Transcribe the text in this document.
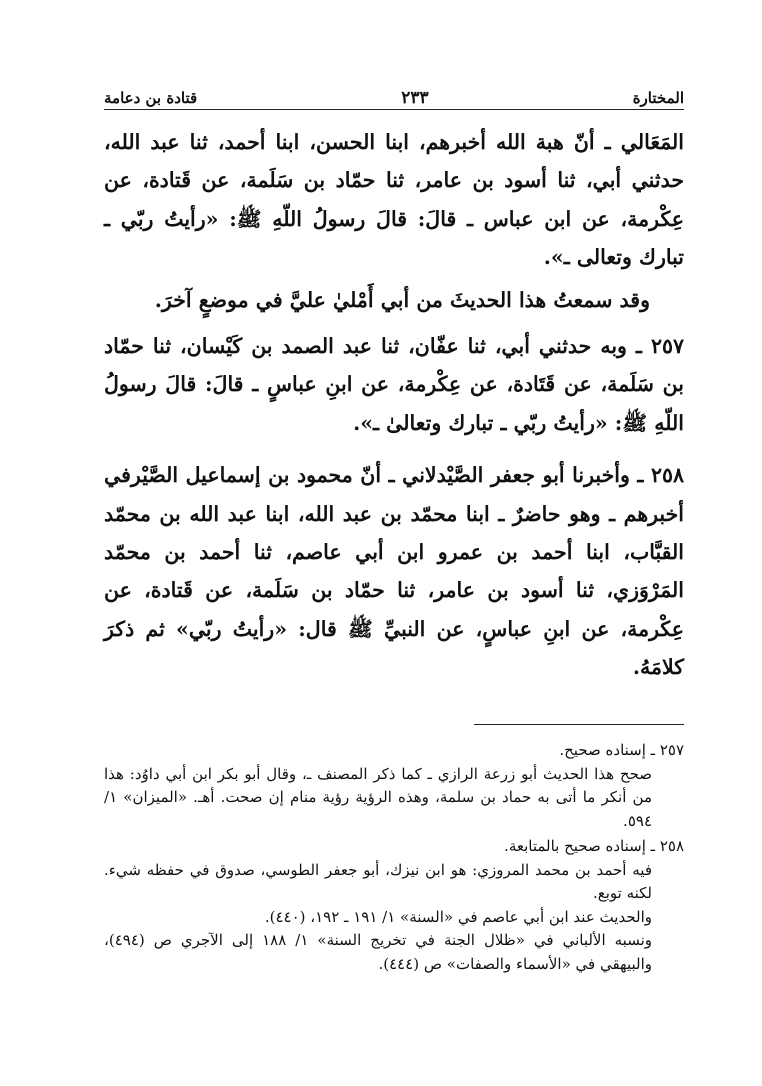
المختارة
٢٣٣
قتادة بن دعامة

المَعَالي ـ أنّ هبة الله أخبرهم، ابنا الحسن، ابنا أحمد، ثنا عبد الله، حدثني أبي، ثنا أسود بن عامر، ثنا حمّاد بن سَلَمة، عن قَتادة، عن عِكْرمة، عن ابن عباس ـ قالَ: قالَ رسولُ اللّهِ ﷺ: «رأيتُ ربّي ـ تبارك وتعالى ـ».

وقد سمعتُ هذا الحديثَ من أبي أَمْليٰ عليَّ في موضعٍ آخرَ.

٢٥٧ ـ وبه حدثني أبي، ثنا عفّان، ثنا عبد الصمد بن كَيْسان، ثنا حمّاد بن سَلَمة، عن قَتَادة، عن عِكْرمة، عن ابنِ عباسٍ ـ قالَ: قالَ رسولُ اللّهِ ﷺ: «رأيتُ ربّي ـ تبارك وتعالىٰ ـ».

٢٥٨ ـ وأخبرنا أبو جعفر الصَّيْدلاني ـ أنّ محمود بن إسماعيل الصَّيْرفي أخبرهم ـ وهو حاضرٌ ـ ابنا محمّد بن عبد الله، ابنا عبد الله بن محمّد القبَّاب، ابنا أحمد بن عمرو ابن أبي عاصم، ثنا أحمد بن محمّد المَرْوَزي، ثنا أسود بن عامر، ثنا حمّاد بن سَلَمة، عن قَتادة، عن عِكْرمة، عن ابنِ عباسٍ، عن النبيِّ ﷺ قال: «رأيتُ ربّي» ثم ذكرَ كلامَهُ.

٢٥٧ ـ إسناده صحيح.

صحح هذا الحديث أبو زرعة الرازي ـ كما ذكر المصنف ـ، وقال أبو بكر ابن أبي داوُد: هذا من أنكر ما أتى به حماد بن سلمة، وهذه الرؤية رؤية منام إن صحت. أهـ. «الميزان» ١/ ٥٩٤.

٢٥٨ ـ إسناده صحيح بالمتابعة.

فيه أحمد بن محمد المروزي: هو ابن نيزك، أبو جعفر الطوسي، صدوق في حفظه شيء. لكنه توبع.

والحديث عند ابن أبي عاصم في «السنة» ١/ ١٩١ ـ ١٩٢، (٤٤٠).

ونسبه الألباني في «ظلال الجنة في تخريج السنة» ١/ ١٨٨ إلى الآجري ص (٤٩٤)، والبيهقي في «الأسماء والصفات» ص (٤٤٤).
